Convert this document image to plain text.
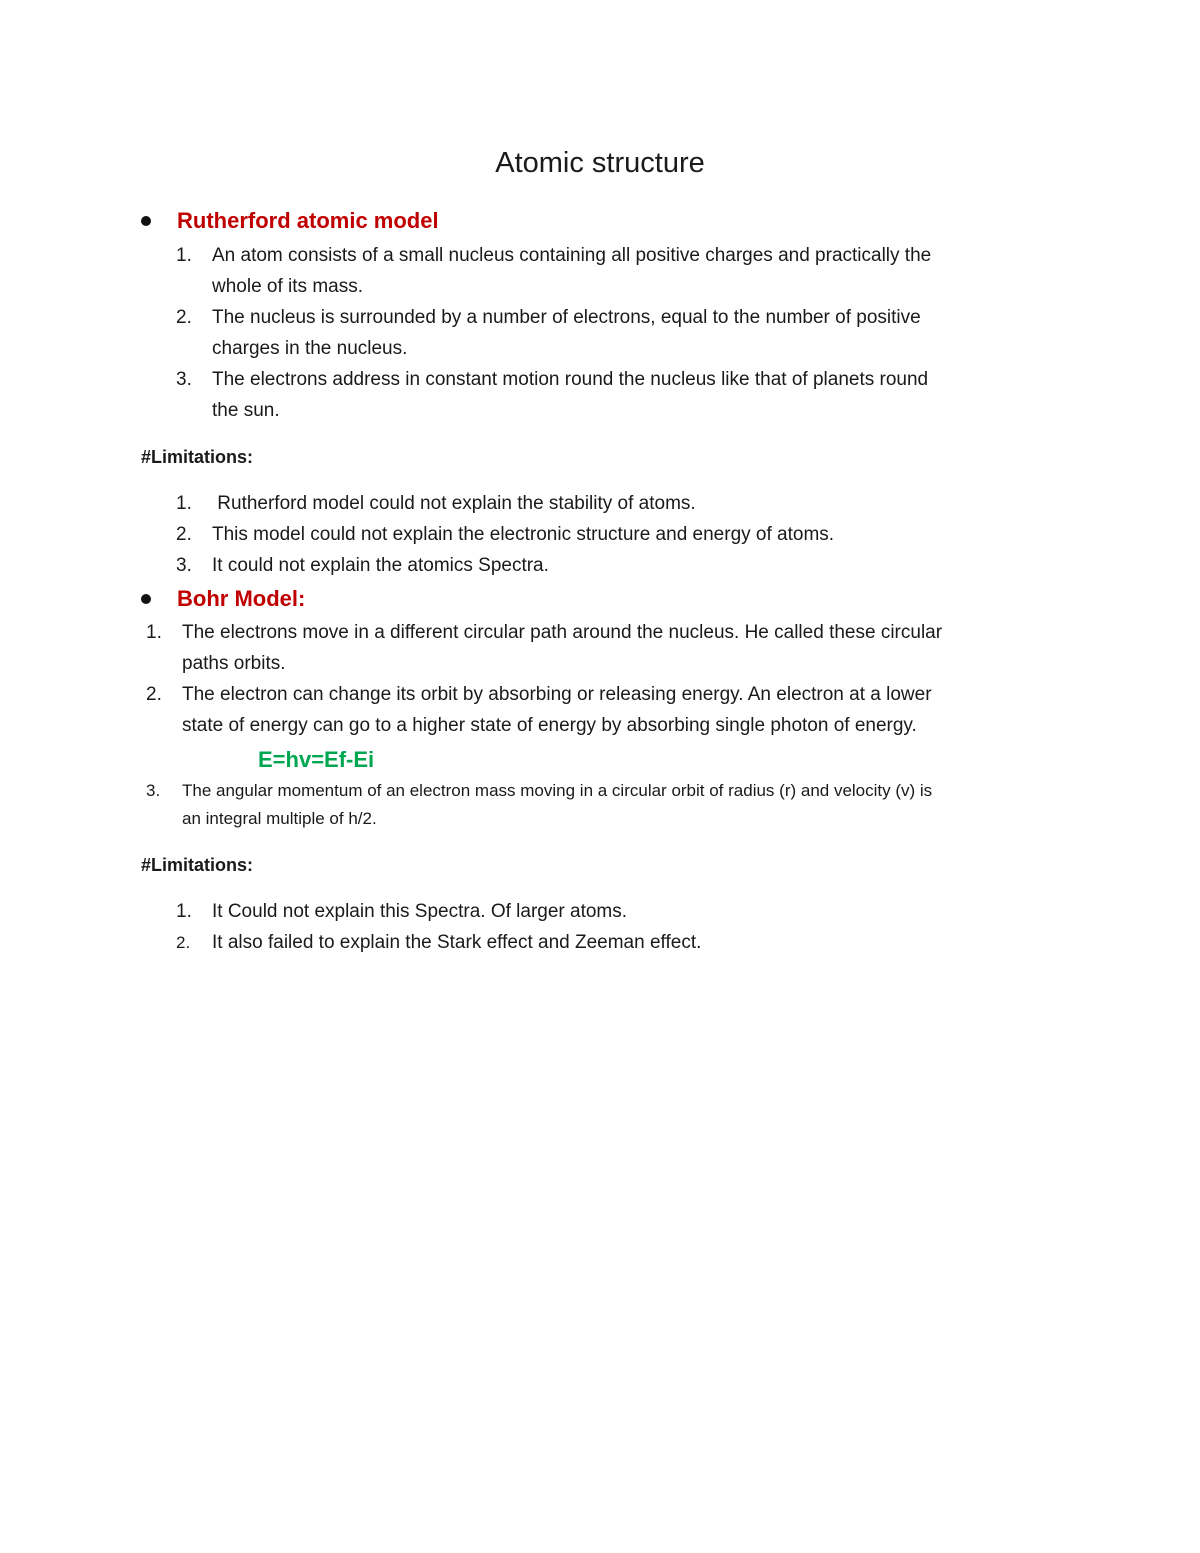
Atomic structure
Rutherford atomic model
1.	An atom consists of a small nucleus containing all positive charges and practically the
whole of its mass.
2.	The nucleus is surrounded by a number of electrons, equal to the number of positive
charges in the nucleus.
3.	The electrons address in constant motion round the nucleus like that of planets round
the sun.
#Limitations:
1.	Rutherford model could not explain the stability of atoms.
2.	This model could not explain the electronic structure and energy of atoms.
3.	It could not explain the atomics Spectra.
Bohr Model:
1.	The electrons move in a different circular path around the nucleus. He called these circular
paths orbits.
2.	The electron can change its orbit by absorbing or releasing energy. An electron at a lower
state of energy can go to a higher state of energy by absorbing single photon of energy.
E=hv=Ef-Ei
3.	The angular momentum of an electron mass moving in a circular orbit of radius (r) and velocity (v) is
an integral multiple of h/2.
#Limitations:
1.	It Could not explain this Spectra. Of larger atoms.
2.	It also failed to explain the Stark effect and Zeeman effect.
